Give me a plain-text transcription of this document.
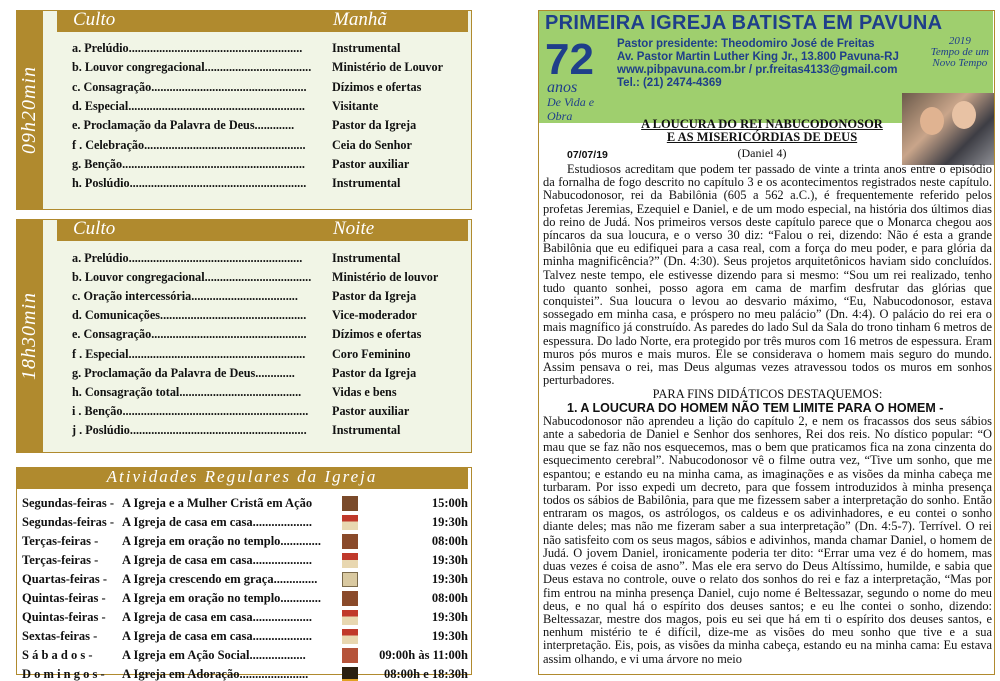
09h20min
Culto	Manhã
a. Prelúdio.........................................................	Instrumental
b. Louvor congregacional...................................	Ministério de Louvor
c. Consagração...................................................	Dízimos e ofertas
d. Especial..........................................................	Visitante
e. Proclamação da Palavra de Deus.............	Pastor da Igreja
f . Celebração.....................................................	Ceia do Senhor
g. Benção............................................................	Pastor auxiliar
h. Poslúdio..........................................................	Instrumental
18h30min
Culto	Noite
a. Prelúdio.........................................................	Instrumental
b. Louvor congregacional...................................	Ministério de louvor
c. Oração intercessória...................................	Pastor da Igreja
d. Comunicações................................................	Vice-moderador
e. Consagração...................................................	Dízimos e ofertas
f . Especial..........................................................	Coro Feminino
g. Proclamação da Palavra de Deus.............	Pastor da Igreja
h. Consagração total........................................	Vidas e bens
i . Benção.............................................................	Pastor auxiliar
j . Poslúdio..........................................................	Instrumental
Atividades Regulares da Igreja
Segundas-feiras - A Igreja e a Mulher Cristã em Ação	15:00h
Segundas-feiras - A Igreja de casa em casa...................	19:30h
Terças-feiras -	A Igreja em oração no templo.............	08:00h
Terças-feiras -	A Igreja de casa em casa...................	19:30h
Quartas-feiras -	A Igreja crescendo em graça..............	19:30h
Quintas-feiras -	A Igreja em oração no templo.............	08:00h
Quintas-feiras -	A Igreja de casa em casa...................	19:30h
Sextas-feiras -	A Igreja de casa em casa...................	19:30h
S á b a d o s -	A Igreja em Ação Social..................	09:00h às 11:00h
D o m i n g o s -	A Igreja em Adoração......................	08:00h e 18:30h
PRIMEIRA IGREJA BATISTA EM PAVUNA
72
anos
De Vida e Obra
Pastor presidente: Theodomiro José de Freitas
Av. Pastor Martin Luther King Jr., 13.800 Pavuna-RJ
www.pibpavuna.com.br / pr.freitas4133@gmail.com
Tel.: (21) 2474-4369
2019
Tempo de um
Novo Tempo
A LOUCURA DO REI NABUCODONOSOR
E AS MISERICÓRDIAS DE DEUS
(Daniel 4)
07/07/19

Estudiosos acreditam que podem ter passado de vinte a trinta anos entre o episódio da fornalha de fogo descrito no capítulo 3 e os acontecimentos registrados neste capítulo. Nabucodonosor, rei da Babilônia (605 a 562 a.C.), é frequentemente referido pelos profetas Jeremias, Ezequiel e Daniel, e de um modo especial, na história dos últimos dias do reino de Judá. Nos primeiros versos deste capítulo parece que o Monarca chegou aos píncaros da sua loucura, e o verso 30 diz: “Falou o rei, dizendo: Não é esta a grande Babilônia que eu edifiquei para a casa real, com a força do meu poder, e para glória da minha magnificência?” (Dn. 4:30). Seus projetos arquitetônicos haviam sido concluídos. Talvez neste tempo, ele estivesse dizendo para si mesmo: “Sou um rei realizado, tenho tudo quanto sonhei, posso agora em cama de marfim desfrutar das glórias que conquistei”. Sua loucura o levou ao desvario máximo, “Eu, Nabucodonosor, estava sossegado em minha casa, e próspero no meu palácio” (Dn. 4:4). O palácio do rei era o mais magnífico já construído. As paredes do lado Sul da Sala do trono tinham 6 metros de espessura. Do lado Norte, era protegido por três muros com 16 metros de espessura. Eram muros pós muros e mais muros. Ele se considerava o homem mais seguro do mundo. Assim pensava o rei, mas Deus algumas vezes atravessou todos os muros em sonhos perturbadores.

PARA FINS DIDÁTICOS DESTAQUEMOS:

1. A LOUCURA DO HOMEM NÃO TEM LIMITE PARA O HOMEM -

Nabucodonosor não aprendeu a lição do capítulo 2, e nem os fracassos dos seus sábios ante a sabedoria de Daniel e Senhor dos senhores, Rei dos reis. No dístico popular: “O mau que se faz não nos esquecemos, mas o bem que praticamos fica na zona cinzenta do esquecimento cerebral”. Nabucodonosor vê o filme outra vez, “Tive um sonho, que me espantou; e estando eu na minha cama, as imaginações e as visões da minha cabeça me turbaram. Por isso expedi um decreto, para que fossem introduzidos à minha presença todos os sábios de Babilônia, para que me fizessem saber a interpretação do sonho. Então entraram os magos, os astrólogos, os caldeus e os adivinhadores, e eu contei o sonho diante deles; mas não me fizeram saber a sua interpretação” (Dn. 4:5-7). Terrível. O rei não satisfeito com os seus magos, sábios e adivinhos, manda chamar Daniel, o homem de Judá. O jovem Daniel, ironicamente poderia ter dito: “Errar uma vez é do homem, mas duas vezes é coisa de asno”. Mas ele era servo do Deus Altíssimo, humilde, e sabia que Deus estava no controle, ouve o relato dos sonhos do rei e faz a interpretação, “Mas por fim entrou na minha presença Daniel, cujo nome é Beltessazar, segundo o nome do meu deus, e no qual há o espírito dos deuses santos; e eu lhe contei o sonho, dizendo: Beltessazar, mestre dos magos, pois eu sei que há em ti o espírito dos deuses santos, e nenhum mistério te é difícil, dize-me as visões do meu sonho que tive e a sua interpretação. Eis, pois, as visões da minha cabeça, estando eu na minha cama: Eu estava assim olhando, e vi uma árvore no meio
